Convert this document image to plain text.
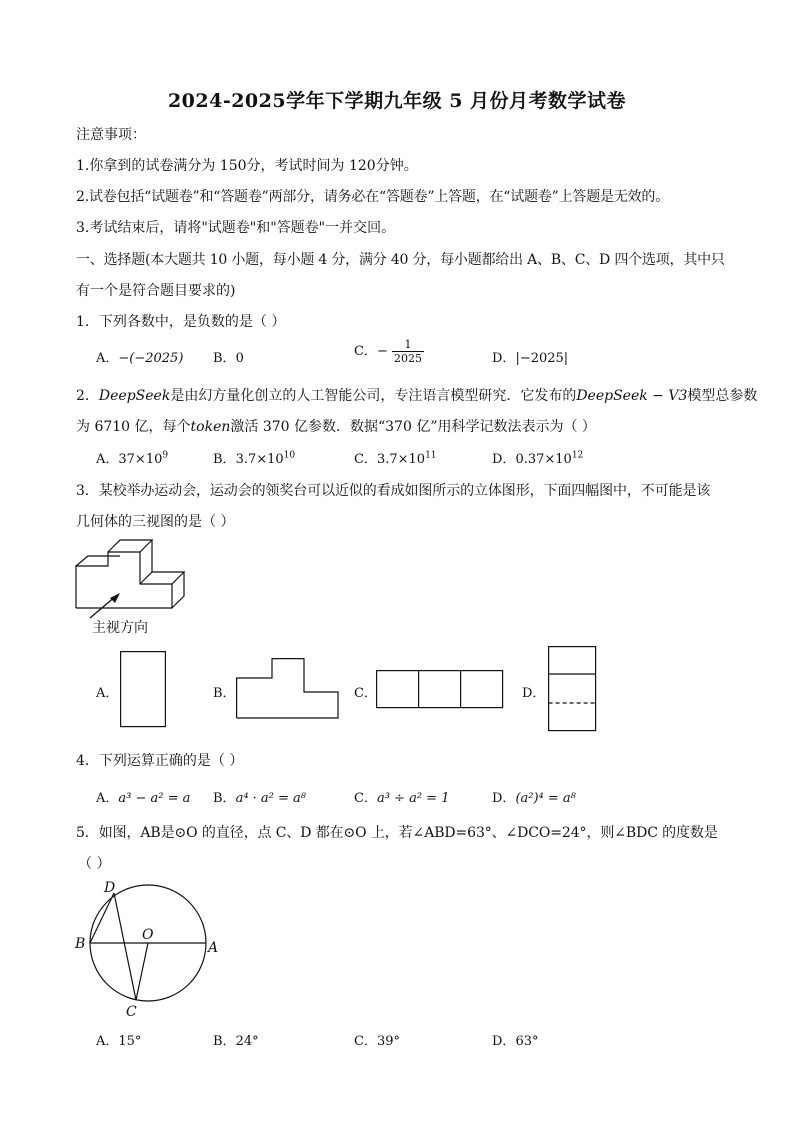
2024-2025学年下学期九年级 5 月份月考数学试卷
注意事项：
1.你拿到的试卷满分为 150分，考试时间为 120分钟。
2.试卷包括“试题卷”和“答题卷”两部分，请务必在“答题卷”上答题，在“试题卷”上答题是无效的。
3.考试结束后，请将"试题卷"和"答题卷"一并交回。
一、选择题(本大题共 10 小题，每小题 4 分，满分 40 分，每小题都给出 A、B、C、D 四个选项，其中只
有一个是符合题目要求的)
1．下列各数中，是负数的是（ ）
A．−(−2025) B．0	C．− $\frac{1}{2025}$	D．|−2025|
2．DeepSeek是由幻方量化创立的人工智能公司，专注语言模型研究．它发布的DeepSeek − V3模型总参数
为 6710 亿，每个token激活 370 亿参数．数据“370 亿”用科学记数法表示为（ ）
A．$37\times 10^9$	B．$3.7\times 10^{10}$	C．$3.7\times 10^{11}$	D．$0.37\times 10^{12}$
3．某校举办运动会，运动会的领奖台可以近似的看成如图所示的立体图形，下面四幅图中，不可能是该
几何体的三视图的是（ ）
主视方向
A．	B．	C．	D．
4．下列运算正确的是（ ）
A．a³ − a² = a B．a⁴ · a² = a⁸	C．a³ ÷ a² = 1	D．(a²)⁴ = a⁸
5．如图，AB是⊙O 的直径，点 C、D 都在⊙O 上，若∠ABD=63°、∠DCO=24°，则∠BDC 的度数是
（ ）
D
B
O
A
C
A．15°	B．24°	C．39°	D．63°
